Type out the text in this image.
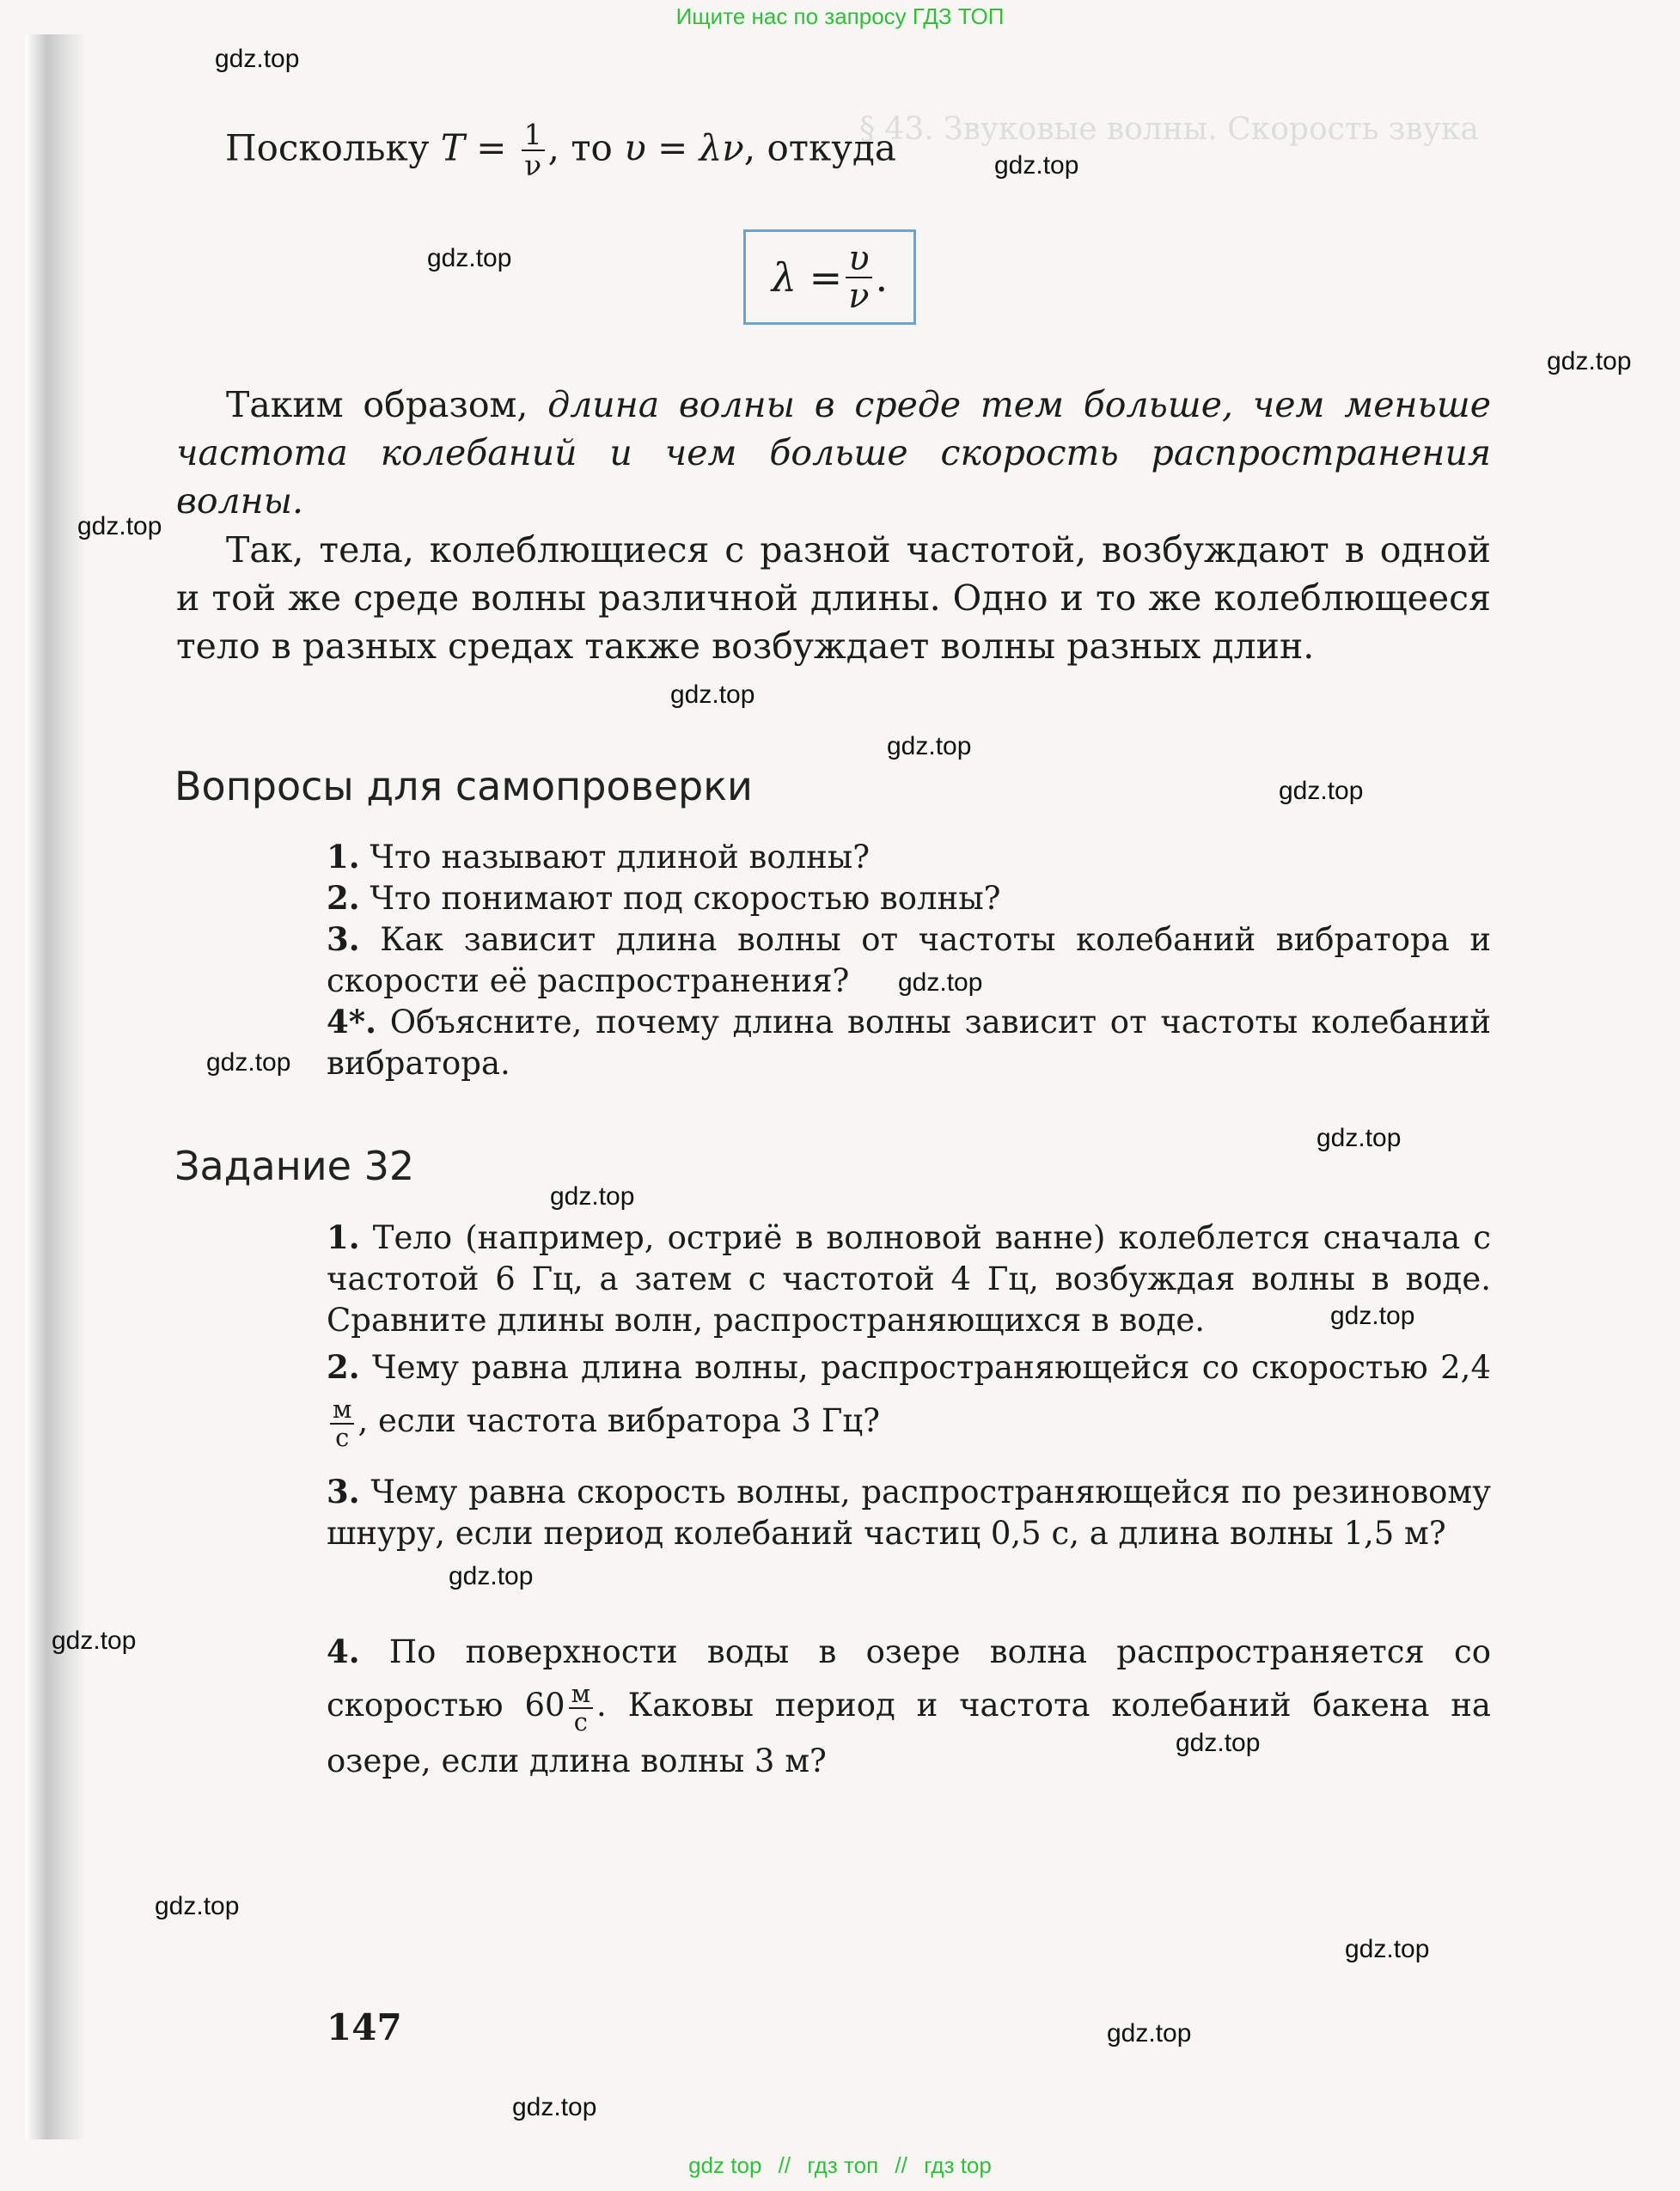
Ищите нас по запросу ГДЗ ТОП
§ 43. Звуковые волны. Скорость звука
Поскольку $T = \frac{1}{\nu}$ , то υ = λν, откуда
$\lambda = \frac{\upsilon}{\nu}$ .
Таким образом, длина волны в среде тем больше, чем меньше частота колебаний и чем больше скорость распространения волны.
Так, тела, колеблющиеся с разной частотой, возбуждают в одной и той же среде волны различной длины. Одно и то же колеблющееся тело в разных средах также возбуждает волны разных длин.
Вопросы для самопроверки
1. Что называют длиной волны?
2. Что понимают под скоростью волны?
3. Как зависит длина волны от частоты колебаний вибратора и скорости её распространения?
4*. Объясните, почему длина волны зависит от частоты колебаний вибратора.
Задание 32
1. Тело (например, остриё в волновой ванне) колеблется сначала с частотой 6 Гц, а затем с частотой 4 Гц, возбуждая волны в воде. Сравните длины волн, распространяющихся в воде.
2. Чему равна длина волны, распространяющейся со скоростью 2,4
$\frac{м}{с}$ , если частота вибратора 3 Гц?
3. Чему равна скорость волны, распространяющейся по резиновому шнуру, если период колебаний частиц 0,5 с, а длина волны 1,5 м?
4. По поверхности воды в озере волна распространяется со скоростью $60 \frac{м}{с}$ . Каковы период и частота колебаний бакена на озере, если длина волны 3 м?
147
gdz.top
gdz.top
gdz.top
gdz.top
gdz.top
gdz.top
gdz.top
gdz.top
gdz.top
gdz.top
gdz.top
gdz.top
gdz.top
gdz.top
gdz.top
gdz.top
gdz.top
gdz.top
gdz.top
gdz.top
gdz top // гдз топ // гдз top
